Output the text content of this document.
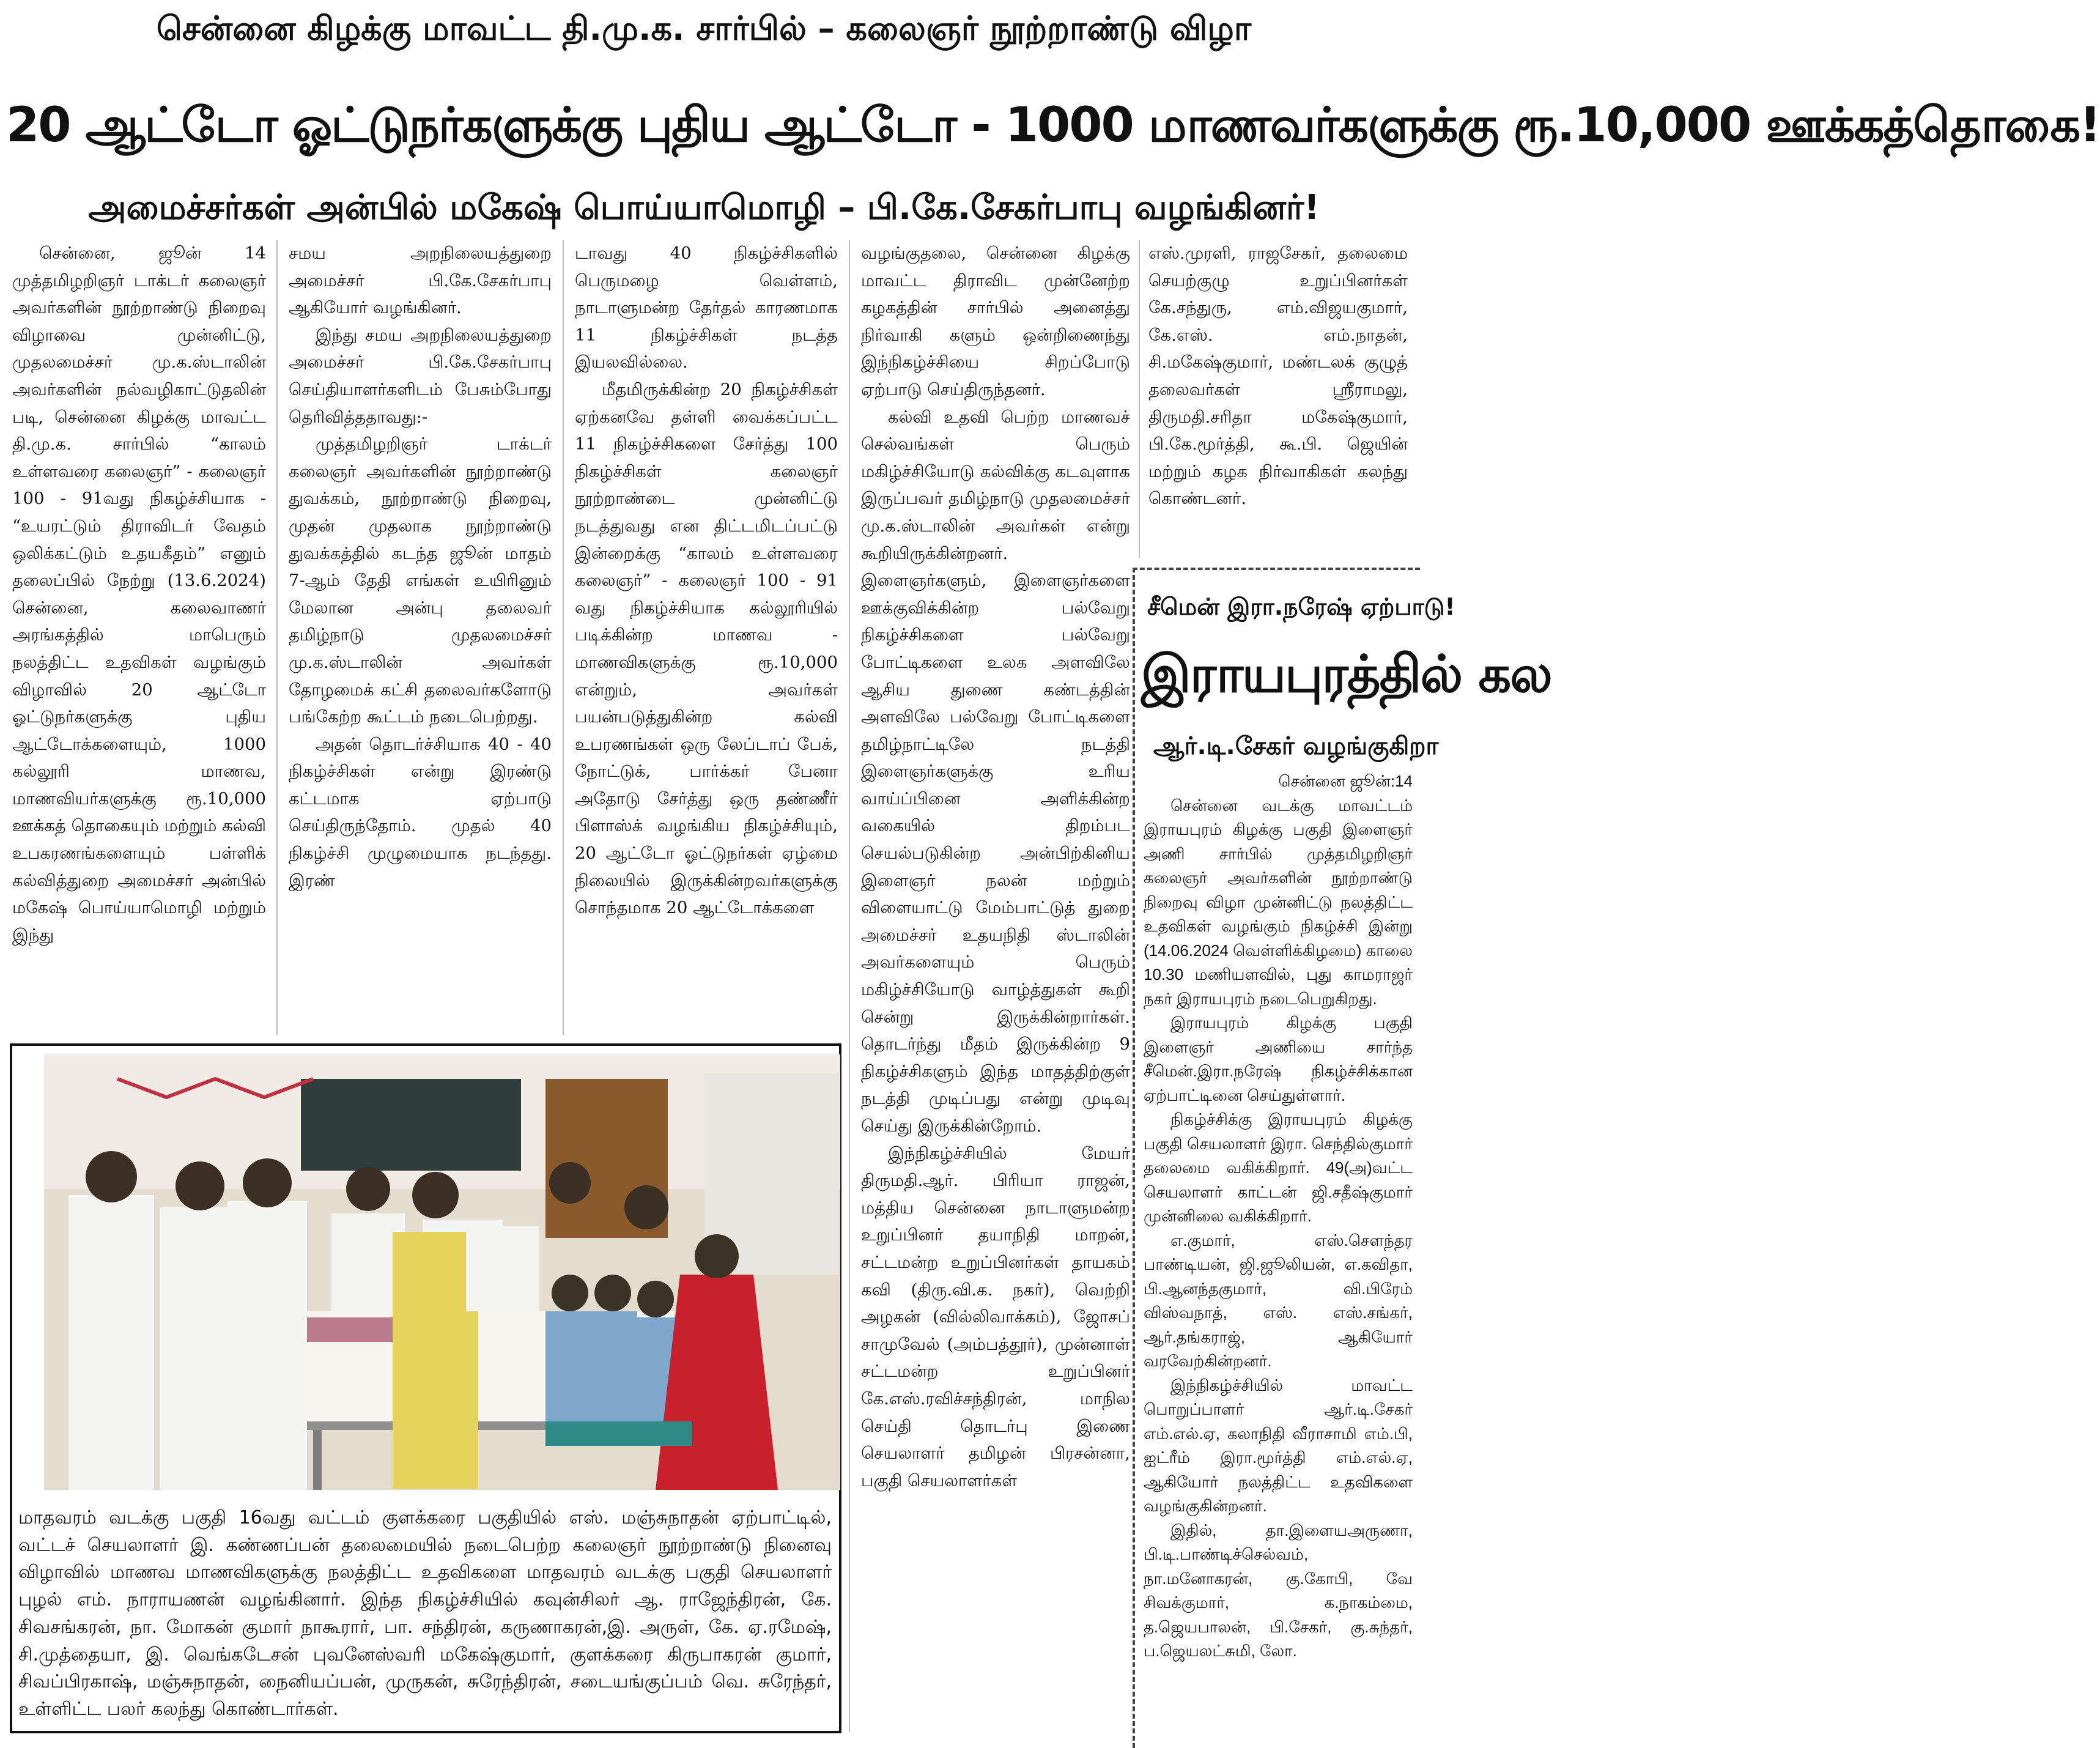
சென்னை கிழக்கு மாவட்ட தி.மு.க. சார்பில் – கலைஞர் நூற்றாண்டு விழா
20 ஆட்டோ ஓட்டுநர்களுக்கு புதிய ஆட்டோ - 1000 மாணவர்களுக்கு ரூ.10,000 ஊக்கத்தொகை!
அமைச்சர்கள் அன்பில் மகேஷ் பொய்யாமொழி – பி.கே.சேகர்பாபு வழங்கினர்!

சென்னை, ஜூன் 14 முத்தமிழறிஞர் டாக்டர் கலைஞர் அவர்களின் நூற்றாண்டு நிறைவு விழாவை முன்னிட்டு, முதலமைச்சர் மு.க.ஸ்டாலின் அவர்களின் நல்வழிகாட்டுதலின் படி, சென்னை கிழக்கு மாவட்ட தி.மு.க. சார்பில் “காலம் உள்ளவரை கலைஞர்” - கலைஞர் 100 - 91வது நிகழ்ச்சியாக - “உயரட்டும் திராவிடர் வேதம் ஒலிக்கட்டும் உதயகீதம்” எனும் தலைப்பில் நேற்று (13.6.2024) சென்னை, கலைவாணர் அரங்கத்தில் மாபெரும் நலத்திட்ட உதவிகள் வழங்கும் விழாவில் 20 ஆட்டோ ஓட்டுநர்களுக்கு புதிய ஆட்டோக்களையும், 1000 கல்லூரி மாணவ, மாணவியர்களுக்கு ரூ.10,000 ஊக்கத் தொகையும் மற்றும் கல்வி உபகரணங்களையும் பள்ளிக் கல்வித்துறை அமைச்சர் அன்பில் மகேஷ் பொய்யாமொழி மற்றும் இந்து

சமய அறநிலையத்துறை அமைச்சர் பி.கே.சேகர்பாபு ஆகியோர் வழங்கினர்.

இந்து சமய அறநிலையத்துறை அமைச்சர் பி.கே.சேகர்பாபு செய்தியாளர்களிடம் பேசும்போது தெரிவித்ததாவது:-

முத்தமிழறிஞர் டாக்டர் கலைஞர் அவர்களின் நூற்றாண்டு துவக்கம், நூற்றாண்டு நிறைவு, முதன் முதலாக நூற்றாண்டு துவக்கத்தில் கடந்த ஜூன் மாதம் 7-ஆம் தேதி எங்கள் உயிரினும் மேலான அன்பு தலைவர் தமிழ்நாடு முதலமைச்சர் மு.க.ஸ்டாலின் அவர்கள் தோழமைக் கட்சி தலைவர்களோடு பங்கேற்ற கூட்டம் நடைபெற்றது.

அதன் தொடர்ச்சியாக 40 - 40 நிகழ்ச்சிகள் என்று இரண்டு கட்டமாக ஏற்பாடு செய்திருந்தோம். முதல் 40 நிகழ்ச்சி முழுமையாக நடந்தது. இரண்

டாவது 40 நிகழ்ச்சிகளில் பெருமழை வெள்ளம், நாடாளுமன்ற தேர்தல் காரணமாக 11 நிகழ்ச்சிகள் நடத்த இயலவில்லை.

மீதமிருக்கின்ற 20 நிகழ்ச்சிகள் ஏற்கனவே தள்ளி வைக்கப்பட்ட 11 நிகழ்ச்சிகளை சேர்த்து 100 நிகழ்ச்சிகள் கலைஞர் நூற்றாண்டை முன்னிட்டு நடத்துவது என திட்டமிடப்பட்டு இன்றைக்கு “காலம் உள்ளவரை கலைஞர்” - கலைஞர் 100 - 91 வது நிகழ்ச்சியாக கல்லூரியில் படிக்கின்ற மாணவ - மாணவிகளுக்கு ரூ.10,000 என்றும், அவர்கள் பயன்படுத்துகின்ற கல்வி உபரணங்கள் ஒரு லேப்டாப் பேக், நோட்டுக், பார்க்கர் பேனா அதோடு சேர்த்து ஒரு தண்ணீர் பிளாஸ்க் வழங்கிய நிகழ்ச்சியும், 20 ஆட்டோ ஓட்டுநர்கள் ஏழ்மை நிலையில் இருக்கின்றவர்களுக்கு சொந்தமாக 20 ஆட்டோக்களை

வழங்குதலை, சென்னை கிழக்கு மாவட்ட திராவிட முன்னேற்ற கழகத்தின் சார்பில் அனைத்து நிர்வாகி களும் ஒன்றிணைந்து இந்நிகழ்ச்சியை சிறப்போடு ஏற்பாடு செய்திருந்தனர்.

கல்வி உதவி பெற்ற மாணவச் செல்வங்கள் பெரும் மகிழ்ச்சியோடு கல்விக்கு கடவுளாக இருப்பவர் தமிழ்நாடு முதலமைச்சர் மு.க.ஸ்டாலின் அவர்கள் என்று கூறியிருக்கின்றனர். இளைஞர்களும், இளைஞர்களை ஊக்குவிக்கின்ற பல்வேறு நிகழ்ச்சிகளை பல்வேறு போட்டிகளை உலக அளவிலே ஆசிய துணை கண்டத்தின் அளவிலே பல்வேறு போட்டிகளை தமிழ்நாட்டிலே நடத்தி இளைஞர்களுக்கு உரிய வாய்ப்பினை அளிக்கின்ற வகையில் திறம்பட செயல்படுகின்ற அன்பிற்கினிய இளைஞர் நலன் மற்றும் விளையாட்டு மேம்பாட்டுத் துறை அமைச்சர் உதயநிதி ஸ்டாலின் அவர்களையும் பெரும் மகிழ்ச்சியோடு வாழ்த்துகள் கூறி சென்று இருக்கின்றார்கள். தொடர்ந்து மீதம் இருக்கின்ற 9 நிகழ்ச்சிகளும் இந்த மாதத்திற்குள் நடத்தி முடிப்பது என்று முடிவு செய்து இருக்கின்றோம்.

இந்நிகழ்ச்சியில் மேயர் திருமதி.ஆர். பிரியா ராஜன், மத்திய சென்னை நாடாளுமன்ற உறுப்பினர் தயாநிதி மாறன், சட்டமன்ற உறுப்பினர்கள் தாயகம் கவி (திரு.வி.க. நகர்), வெற்றி அழகன் (வில்லிவாக்கம்), ஜோசப் சாமுவேல் (அம்பத்தூர்), முன்னாள் சட்டமன்ற உறுப்பினர் கே.எஸ்.ரவிச்சந்திரன், மாநில செய்தி தொடர்பு இணை செயலாளர் தமிழன் பிரசன்னா, பகுதி செயலாளர்கள்

எஸ்.முரளி, ராஜசேகர், தலைமை செயற்குழு உறுப்பினர்கள் கே.சந்துரு, எம்.விஜயகுமார், கே.எஸ். எம்.நாதன், சி.மகேஷ்குமார், மண்டலக் குழுத் தலைவர்கள் ஸ்ரீராமலு, திருமதி.சரிதா மகேஷ்குமார், பி.கே.மூர்த்தி, கூ.பி. ஜெயின் மற்றும் கழக நிர்வாகிகள் கலந்து கொண்டனர்.

மாதவரம் வடக்கு பகுதி 16வது வட்டம் குளக்கரை பகுதியில் எஸ். மஞ்சுநாதன் ஏற்பாட்டில், வட்டச் செயலாளர் இ. கண்ணப்பன் தலைமையில் நடைபெற்ற கலைஞர் நூற்றாண்டு நினைவு விழாவில் மாணவ மாணவிகளுக்கு நலத்திட்ட உதவிகளை மாதவரம் வடக்கு பகுதி செயலாளர் புழல் எம். நாராயணன் வழங்கினார். இந்த நிகழ்ச்சியில் கவுன்சிலர் ஆ. ராஜேந்திரன், கே. சிவசங்கரன், நா. மோகன் குமார் நாகூரார், பா. சந்திரன், கருணாகரன்,இ. அருள், கே. ஏ.ரமேஷ், சி.முத்தையா, இ. வெங்கடேசன் புவனேஸ்வரி மகேஷ்குமார், குளக்கரை கிருபாகரன் குமார், சிவப்பிரகாஷ், மஞ்சுநாதன், நைனியப்பன், முருகன், சுரேந்திரன், சடையங்குப்பம் வெ. சுரேந்தர், உள்ளிட்ட பலர் கலந்து கொண்டார்கள்.
சீமென் இரா.நரேஷ் ஏற்பாடு!
இராயபுரத்தில் கல
ஆர்.டி.சேகர் வழங்குகிறா

சென்னை ஜூன்:14

சென்னை வடக்கு மாவட்டம் இராயபுரம் கிழக்கு பகுதி இளைஞர் அணி சார்பில் முத்தமிழறிஞர் கலைஞர் அவர்களின் நூற்றாண்டு நிறைவு விழா முன்னிட்டு நலத்திட்ட உதவிகள் வழங்கும் நிகழ்ச்சி இன்று (14.06.2024 வெள்ளிக்கிழமை) காலை 10.30 மணியளவில், புது காமராஜர் நகர் இராயபுரம் நடைபெறுகிறது.

இராயபுரம் கிழக்கு பகுதி இளைஞர் அணியை சார்ந்த சீமென்.இரா.நரேஷ் நிகழ்ச்சிக்கான ஏற்பாட்டினை செய்துள்ளார்.

நிகழ்ச்சிக்கு இராயபுரம் கிழக்கு பகுதி செயலாளர் இரா. செந்தில்குமார் தலைமை வகிக்கிறார். 49(அ)வட்ட செயலாளர் காட்டன் ஜி.சதீஷ்குமார் முன்னிலை வகிக்கிறார்.

எ.குமார், எஸ்.சௌந்தர பாண்டியன், ஜி.ஜூலியன், எ.கவிதா, பி.ஆனந்தகுமார், வி.பிரேம் விஸ்வநாத், எஸ். எஸ்.சங்கர், ஆர்.தங்கராஜ், ஆகியோர் வரவேற்கின்றனர்.

இந்நிகழ்ச்சியில் மாவட்ட பொறுப்பாளர் ஆர்.டி.சேகர் எம்.எல்.ஏ, கலாநிதி வீராசாமி எம்.பி, ஐட்ரீம் இரா.மூர்த்தி எம்.எல்.ஏ, ஆகியோர் நலத்திட்ட உதவிகளை வழங்குகின்றனர்.

இதில், தா.இளையஅருணா, பி.டி.பாண்டிச்செல்வம், நா.மனோகரன், கு.கோபி, வே சிவக்குமார், க.நாகம்மை, த.ஜெயபாலன், பி.சேகர், கு.சுந்தர், ப.ஜெயலட்சுமி, லோ.
